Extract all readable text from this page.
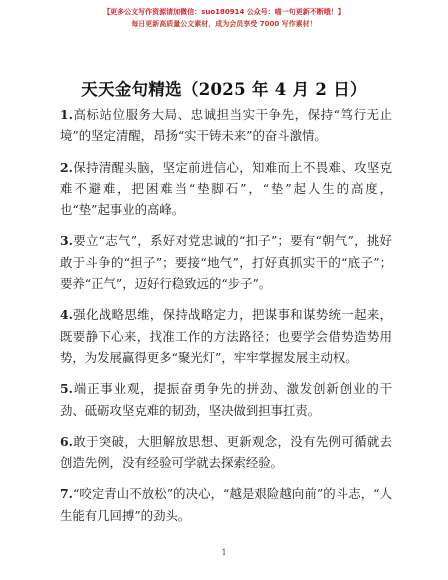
【更多公文写作资源请加微信：suo180914 公众号：喵一句更新不断哦！】
每日更新高质量公文素材，成为会员享受 7000 写作素材！
天天金句精选（2025 年 4 月 2 日）

1.高标站位服务大局、忠诚担当实干争先，保持“笃行无止境”的坚定清醒，昂扬“实干铸未来”的奋斗激情。

2.保持清醒头脑，坚定前进信心，知难而上不畏难、攻坚克难不避难，把困难当“垫脚石”，“垫”起人生的高度，也“垫”起事业的高峰。

3.要立“志气”，系好对党忠诚的“扣子”；要有“朝气”，挑好敢于斗争的“担子”；要接“地气”，打好真抓实干的“底子”；要养“正气”，迈好行稳致远的“步子”。

4.强化战略思维，保持战略定力，把谋事和谋势统一起来，既要静下心来，找准工作的方法路径；也要学会借势造势用势，为发展赢得更多“聚光灯”，牢牢掌握发展主动权。

5.端正事业观，提振奋勇争先的拼劲、激发创新创业的干劲、砥砺攻坚克难的韧劲，坚决做到担事扛责。

6.敢于突破，大胆解放思想、更新观念，没有先例可循就去创造先例，没有经验可学就去探索经验。

7.“咬定青山不放松”的决心，“越是艰险越向前”的斗志，“人生能有几回搏”的劲头。

1
